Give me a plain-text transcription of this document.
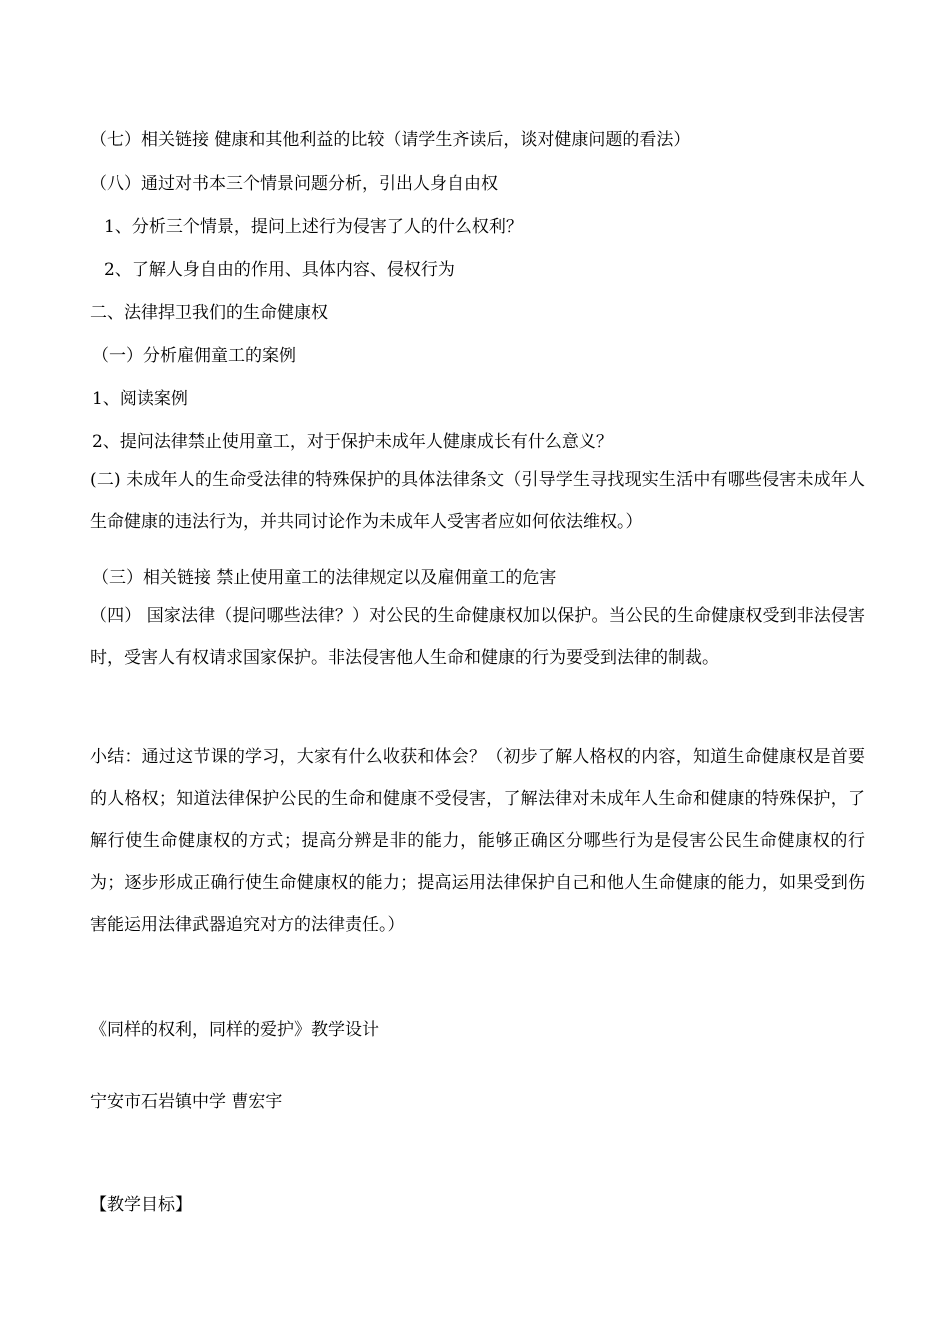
（七）相关链接 健康和其他利益的比较（请学生齐读后，谈对健康问题的看法）
（八）通过对书本三个情景问题分析，引出人身自由权
1、分析三个情景，提问上述行为侵害了人的什么权利？
2、了解人身自由的作用、具体内容、侵权行为
二、法律捍卫我们的生命健康权
（一）分析雇佣童工的案例
1、阅读案例
2、提问法律禁止使用童工，对于保护未成年人健康成长有什么意义？
(二) 未成年人的生命受法律的特殊保护的具体法律条文（引导学生寻找现实生活中有哪些侵害未成年人生命健康的违法行为，并共同讨论作为未成年人受害者应如何依法维权。）
（三）相关链接 禁止使用童工的法律规定以及雇佣童工的危害
（四） 国家法律（提问哪些法律？）对公民的生命健康权加以保护。当公民的生命健康权受到非法侵害时，受害人有权请求国家保护。非法侵害他人生命和健康的行为要受到法律的制裁。
小结：通过这节课的学习，大家有什么收获和体会？（初步了解人格权的内容，知道生命健康权是首要的人格权；知道法律保护公民的生命和健康不受侵害，了解法律对未成年人生命和健康的特殊保护，了解行使生命健康权的方式；提高分辨是非的能力，能够正确区分哪些行为是侵害公民生命健康权的行为；逐步形成正确行使生命健康权的能力；提高运用法律保护自己和他人生命健康的能力，如果受到伤害能运用法律武器追究对方的法律责任。）
《同样的权利，同样的爱护》教学设计
宁安市石岩镇中学 曹宏宇
【教学目标】
